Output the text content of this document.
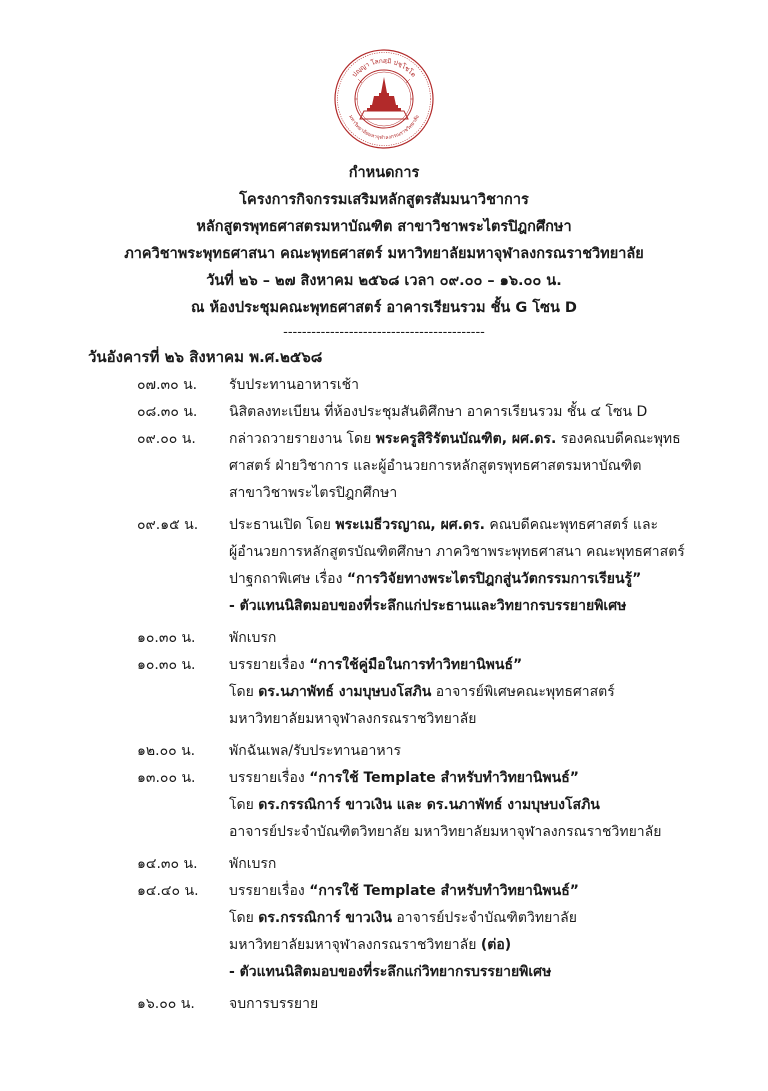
ปญฺญา โลกสฺมิ ปชฺโชโต
มหาวิทยาลัยมหาจุฬาลงกรณราชวิทยาลัย
กำหนดการ
โครงการกิจกรรมเสริมหลักสูตรสัมมนาวิชาการ
หลักสูตรพุทธศาสตรมหาบัณฑิต สาขาวิชาพระไตรปิฎกศึกษา
ภาควิชาพระพุทธศาสนา คณะพุทธศาสตร์ มหาวิทยาลัยมหาจุฬาลงกรณราชวิทยาลัย
วันที่ ๒๖ – ๒๗ สิงหาคม ๒๕๖๘ เวลา ๐๙.๐๐ – ๑๖.๐๐ น.
ณ ห้องประชุมคณะพุทธศาสตร์ อาคารเรียนรวม ชั้น G โซน D
-------------------------------------------
วันอังคารที่ ๒๖ สิงหาคม พ.ศ.๒๕๖๘
๐๗.๓๐ น.	รับประทานอาหารเช้า
๐๘.๓๐ น.	นิสิตลงทะเบียน ที่ห้องประชุมสันติศึกษา อาคารเรียนรวม ชั้น ๔ โซน D
๐๙.๐๐ น.	กล่าวถวายรายงาน โดย พระครูสิริรัตนบัณฑิต, ผศ.ดร. รองคณบดีคณะพุทธ
ศาสตร์ ฝ่ายวิชาการ และผู้อำนวยการหลักสูตรพุทธศาสตรมหาบัณฑิต
สาขาวิชาพระไตรปิฎกศึกษา
๐๙.๑๕ น.	ประธานเปิด โดย พระเมธีวรญาณ, ผศ.ดร. คณบดีคณะพุทธศาสตร์ และ
ผู้อำนวยการหลักสูตรบัณฑิตศึกษา ภาควิชาพระพุทธศาสนา คณะพุทธศาสตร์
ปาฐกถาพิเศษ เรื่อง “การวิจัยทางพระไตรปิฎกสู่นวัตกรรมการเรียนรู้”
- ตัวแทนนิสิตมอบของที่ระลึกแก่ประธานและวิทยากรบรรยายพิเศษ
๑๐.๓๐ น.	พักเบรก
๑๐.๓๐ น.	บรรยายเรื่อง “การใช้คู่มือในการทำวิทยานิพนธ์”
โดย ดร.นภาพัทธ์ งามบุษบงโสภิน อาจารย์พิเศษคณะพุทธศาสตร์
มหาวิทยาลัยมหาจุฬาลงกรณราชวิทยาลัย
๑๒.๐๐ น.	พักฉันเพล/รับประทานอาหาร
๑๓.๐๐ น.	บรรยายเรื่อง “การใช้ Template สำหรับทำวิทยานิพนธ์”
โดย ดร.กรรณิการ์ ขาวเงิน และ ดร.นภาพัทธ์ งามบุษบงโสภิน
อาจารย์ประจำบัณฑิตวิทยาลัย มหาวิทยาลัยมหาจุฬาลงกรณราชวิทยาลัย
๑๔.๓๐ น.	พักเบรก
๑๔.๔๐ น.	บรรยายเรื่อง “การใช้ Template สำหรับทำวิทยานิพนธ์”
โดย ดร.กรรณิการ์ ขาวเงิน อาจารย์ประจำบัณฑิตวิทยาลัย
มหาวิทยาลัยมหาจุฬาลงกรณราชวิทยาลัย (ต่อ)
- ตัวแทนนิสิตมอบของที่ระลึกแก่วิทยากรบรรยายพิเศษ
๑๖.๐๐ น.	จบการบรรยาย
